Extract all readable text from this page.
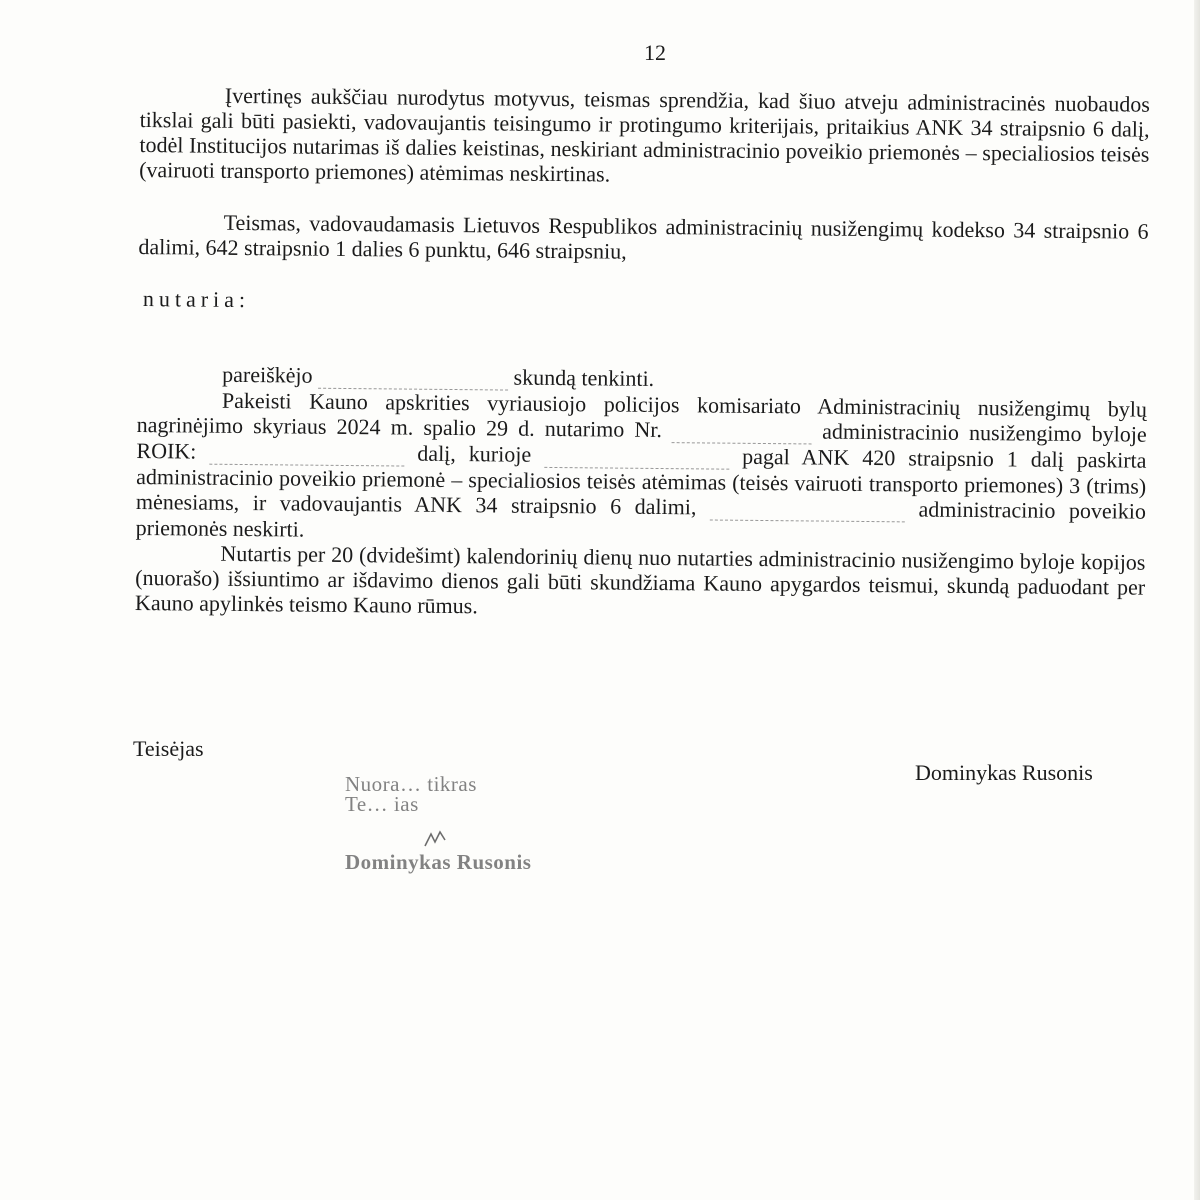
12

Įvertinęs aukščiau nurodytus motyvus, teismas sprendžia, kad šiuo atveju administracinės nuobaudos tikslai gali būti pasiekti, vadovaujantis teisingumo ir protingumo kriterijais, pritaikius ANK 34 straipsnio 6 dalį, todėl Institucijos nutarimas iš dalies keistinas, neskiriant administracinio poveikio priemonės – specialiosios teisės (vairuoti transporto priemones) atėmimas neskirtinas.

Teismas, vadovaudamasis Lietuvos Respublikos administracinių nusižengimų kodekso 34 straipsnio 6 dalimi, 642 straipsnio 1 dalies 6 punktu, 646 straipsniu,

nutaria:

pareiškėjo	skundą tenkinti.

Pakeisti Kauno apskrities vyriausiojo policijos komisariato Administracinių nusižengimų bylų nagrinėjimo skyriaus 2024 m. spalio 29 d. nutarimo Nr.	administracinio nusižengimo byloje ROIK:	dalį, kurioje	pagal ANK 420 straipsnio 1 dalį paskirta administracinio poveikio priemonė – specialiosios teisės atėmimas (teisės vairuoti transporto priemones) 3 (trims) mėnesiams, ir vadovaujantis ANK 34 straipsnio 6 dalimi,	administracinio poveikio priemonės neskirti.

Nutartis per 20 (dvidešimt) kalendorinių dienų nuo nutarties administracinio nusižengimo byloje kopijos (nuorašo) išsiuntimo ar išdavimo dienos gali būti skundžiama Kauno apygardos teismui, skundą paduodant per Kauno apylinkės teismo Kauno rūmus.

Teisėjas
Dominykas Rusonis
Nuora… tikras
Te… ias
Dominykas Rusonis
